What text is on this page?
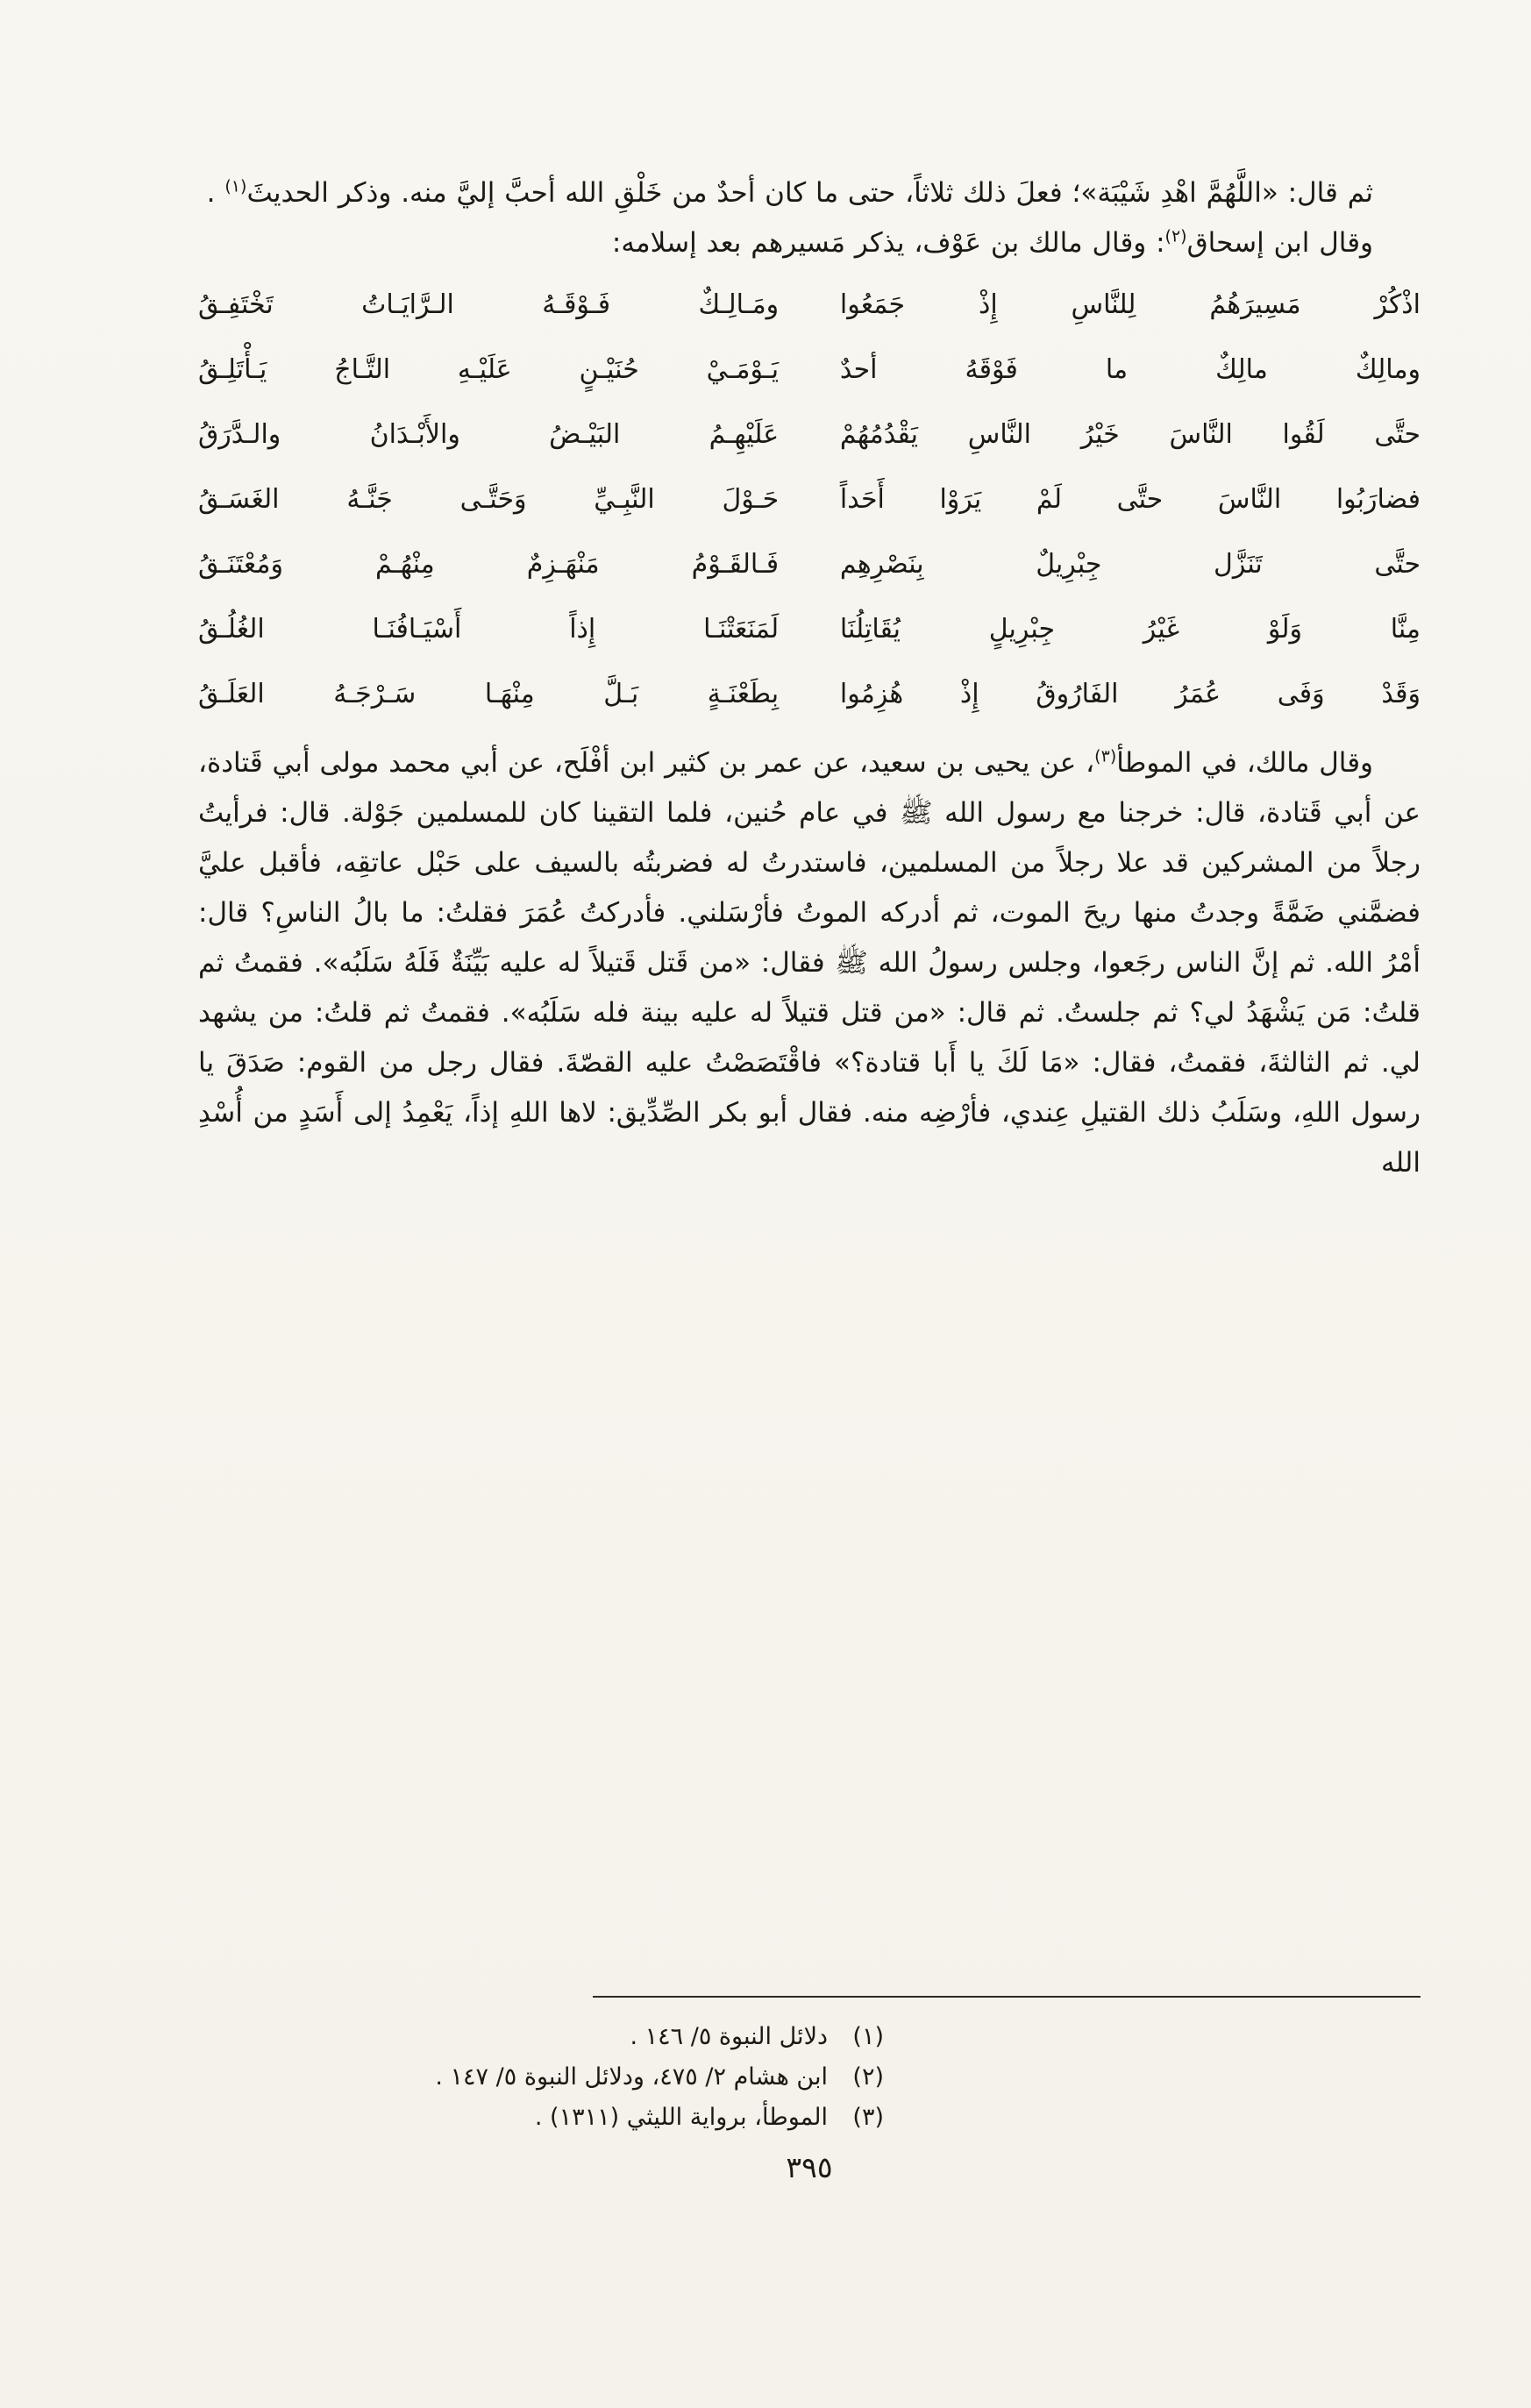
ثم قال: «اللَّهُمَّ اهْدِ شَيْبَة»؛ فعلَ ذلك ثلاثاً، حتى ما كان أحدٌ من خَلْقِ الله أحبَّ إليَّ منه. وذكر الحديثَ$^{(١)}$ .

وقال ابن إسحاق$^{(٢)}$: وقال مالك بن عَوْف، يذكر مَسيرهم بعد إسلامه:

اذْكُرْ مَسِيرَهُمُ لِلنَّاسِ إِذْ جَمَعُوا
ومَـالِـكٌ فَـوْقَـهُ الـرَّايَـاتُ تَخْتَفِـقُ
ومالِكٌ مالِكٌ ما فَوْقَهُ أحدٌ
يَـوْمَـيْ حُنَيْـنٍ عَلَيْـهِ التَّـاجُ يَـأْتَلِـقُ
حتَّى لَقُوا النَّاسَ خَيْرُ النَّاسِ يَقْدُمُهُمْ
عَلَيْهِـمُ البَيْـضُ والأَبْـدَانُ والـدَّرَقُ
فضارَبُوا النَّاسَ حتَّى لَمْ يَرَوْا أَحَداً
حَـوْلَ النَّبِـيِّ وَحَتَّـى جَنَّـهُ الغَسَـقُ
حتَّى تَنَزَّل جِبْرِيلٌ بِنَصْرِهِم
فَـالقَـوْمُ مَنْهَـزِمٌ مِنْهُـمْ وَمُعْتَنَـقُ
مِنَّا وَلَوْ غَيْرُ جِبْرِيلٍ يُقَاتِلُنَا
لَمَنَعَتْنَـا إِذاً أَسْيَـافُنَـا الغُلُـقُ
وَقَدْ وَفَى عُمَرُ الفَارُوقُ إِذْ هُزِمُوا
بِطَعْنَـةٍ بَـلَّ مِنْهَـا سَـرْجَـهُ العَلَـقُ

وقال مالك، في الموطأ$^{(٣)}$، عن يحيى بن سعيد، عن عمر بن كثير ابن أفْلَح، عن أبي محمد مولى أبي قَتادة، عن أبي قَتادة، قال: خرجنا مع رسول الله ﷺ في عام حُنين، فلما التقينا كان للمسلمين جَوْلة. قال: فرأيتُ رجلاً من المشركين قد علا رجلاً من المسلمين، فاستدرتُ له فضربتُه بالسيف على حَبْل عاتقِه، فأقبل عليَّ فضمَّني ضَمَّةً وجدتُ منها ريحَ الموت، ثم أدركه الموتُ فأرْسَلني. فأدركتُ عُمَرَ فقلتُ: ما بالُ الناسِ؟ قال: أمْرُ الله. ثم إنَّ الناس رجَعوا، وجلس رسولُ الله ﷺ فقال: «من قَتل قَتيلاً له عليه بَيِّنَةٌ فَلَهُ سَلَبُه». فقمتُ ثم قلتُ: مَن يَشْهَدُ لي؟ ثم جلستُ. ثم قال: «من قتل قتيلاً له عليه بينة فله سَلَبُه». فقمتُ ثم قلتُ: من يشهد لي. ثم الثالثةَ، فقمتُ، فقال: «مَا لَكَ يا أَبا قتادة؟» فاقْتَصَصْتُ عليه القصّةَ. فقال رجل من القوم: صَدَقَ يا رسول اللهِ، وسَلَبُ ذلك القتيلِ عِندي، فأرْضِه منه. فقال أبو بكر الصِّدِّيق: لاها اللهِ إذاً، يَعْمِدُ إلى أَسَدٍ من أُسْدِ الله

(١)
دلائل النبوة ٥/ ١٤٦ .
(٢)
ابن هشام ٢/ ٤٧٥، ودلائل النبوة ٥/ ١٤٧ .
(٣)
الموطأ، برواية الليثي (١٣١١) .
٣٩٥
